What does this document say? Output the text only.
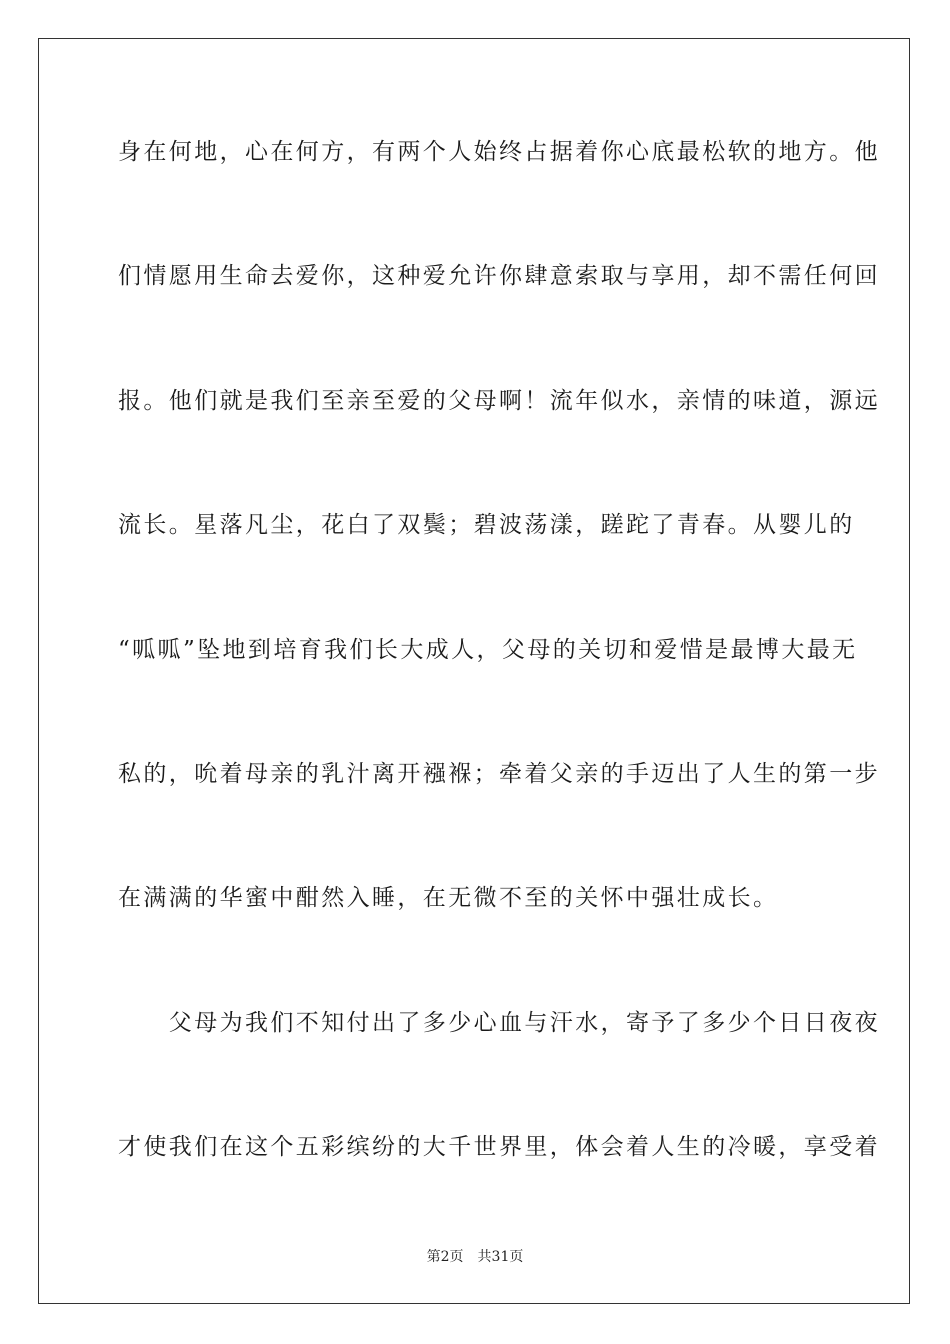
身在何地，心在何方，有两个人始终占据着你心底最松软的地方。他
们情愿用生命去爱你，这种爱允许你肆意索取与享用，却不需任何回
报。他们就是我们至亲至爱的父母啊！流年似水，亲情的味道，源远
流长。星落凡尘，花白了双鬓；碧波荡漾，蹉跎了青春。从婴儿的
“呱呱”坠地到培育我们长大成人，父母的关切和爱惜是最博大最无
私的，吮着母亲的乳汁离开襁褓；牵着父亲的手迈出了人生的第一步
在满满的华蜜中酣然入睡，在无微不至的关怀中强壮成长。
　　父母为我们不知付出了多少心血与汗水，寄予了多少个日日夜夜
才使我们在这个五彩缤纷的大千世界里，体会着人生的冷暖，享受着
第2页 共31页
